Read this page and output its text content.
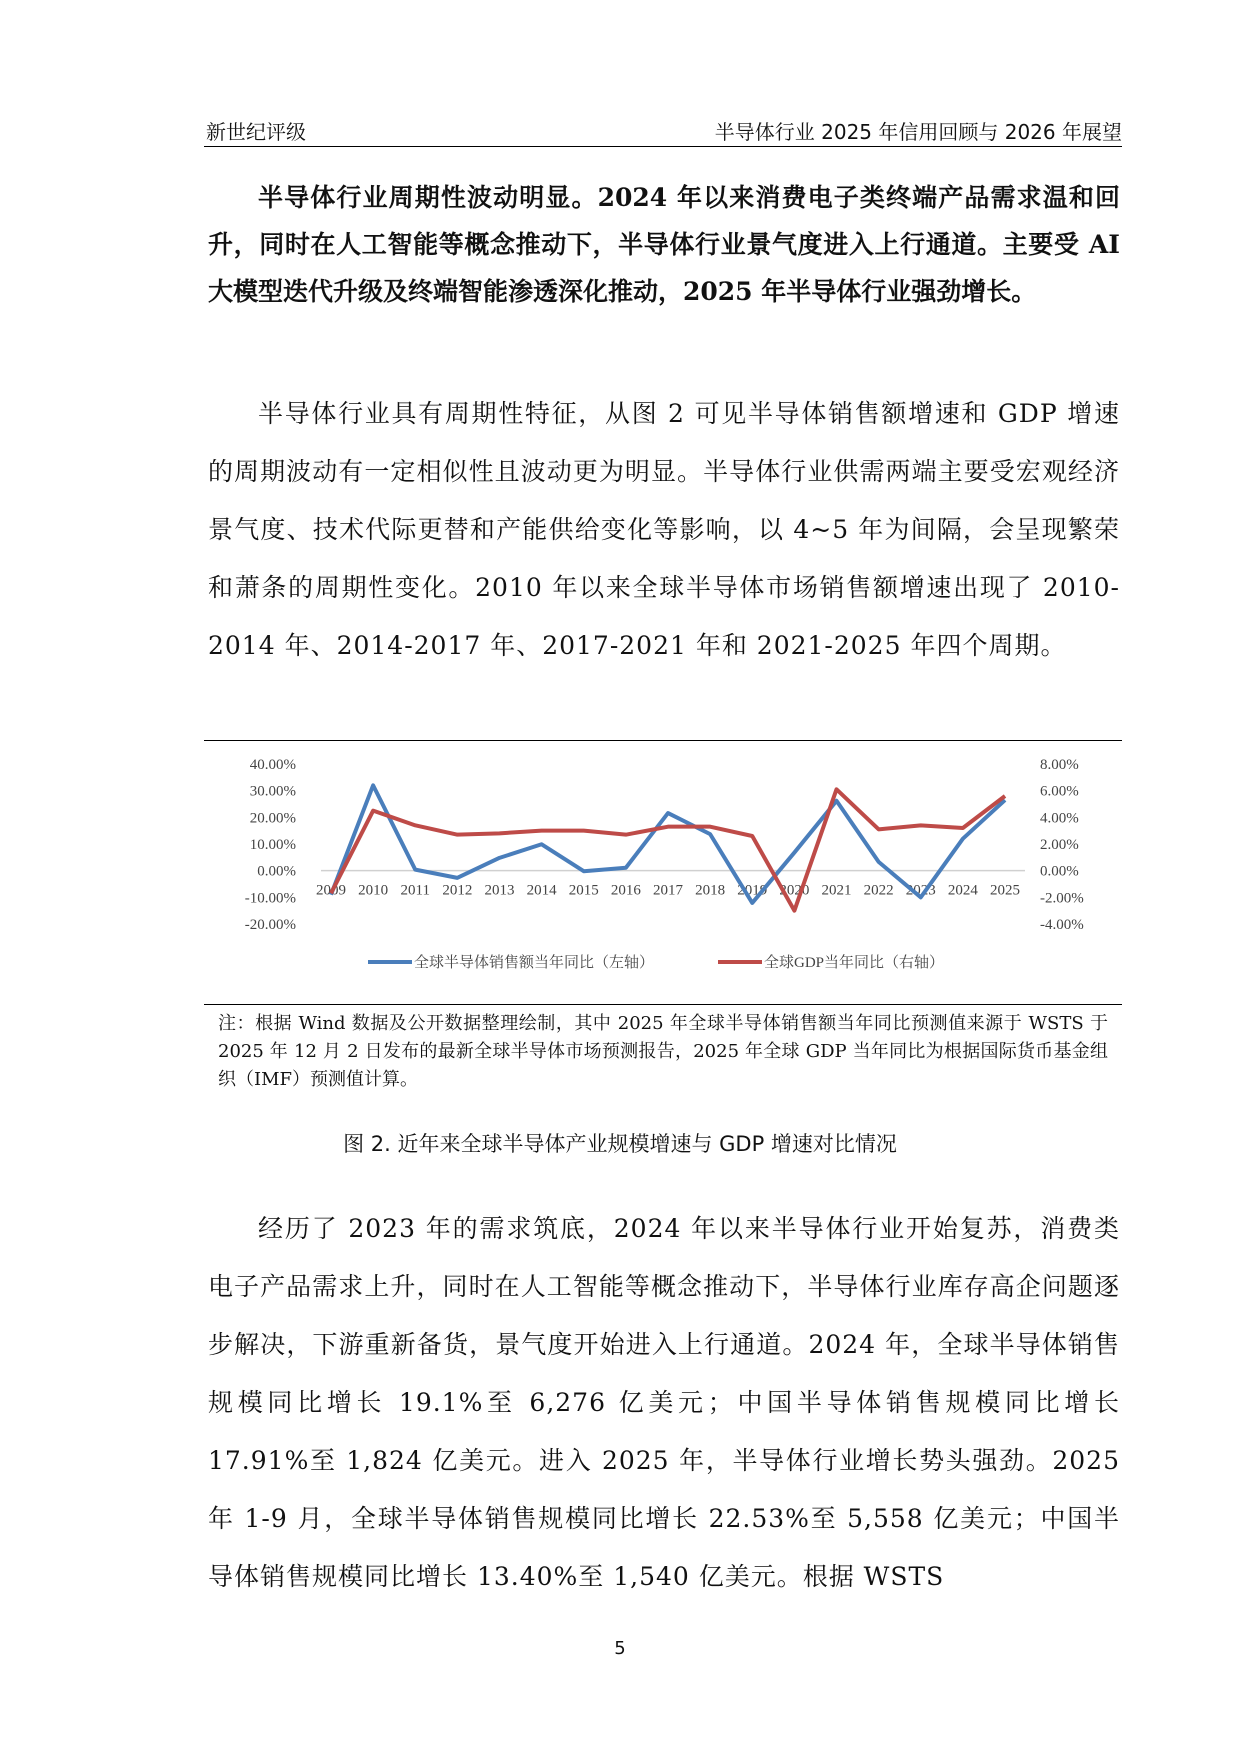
新世纪评级	半导体行业 2025 年信用回顾与 2026 年展望

半导体行业周期性波动明显。2024 年以来消费电子类终端产品需求温和回升，同时在人工智能等概念推动下，半导体行业景气度进入上行通道。主要受 AI 大模型迭代升级及终端智能渗透深化推动，2025 年半导体行业强劲增长。

半导体行业具有周期性特征，从图 2 可见半导体销售额增速和 GDP 增速的周期波动有一定相似性且波动更为明显。半导体行业供需两端主要受宏观经济景气度、技术代际更替和产能供给变化等影响，以 4~5 年为间隔，会呈现繁荣和萧条的周期性变化。2010 年以来全球半导体市场销售额增速出现了 2010-2014 年、2014-2017 年、2017-2021 年和 2021-2025 年四个周期。

40.00%
30.00%
20.00%
10.00%
0.00%
-10.00%
-20.00%
8.00%
6.00%
4.00%
2.00%
0.00%
-2.00%
-4.00%
2009 2010 2011 2012 2013 2014 2015 2016 2017 2018 2019 2020 2021 2022 2023 2024 2025
全球半导体销售额当年同比（左轴）	全球GDP当年同比（右轴）
注：根据 Wind 数据及公开数据整理绘制，其中 2025 年全球半导体销售额当年同比预测值来源于 WSTS 于 2025 年 12 月 2 日发布的最新全球半导体市场预测报告，2025 年全球 GDP 当年同比为根据国际货币基金组织（IMF）预测值计算。
图 2. 近年来全球半导体产业规模增速与 GDP 增速对比情况

经历了 2023 年的需求筑底，2024 年以来半导体行业开始复苏，消费类电子产品需求上升，同时在人工智能等概念推动下，半导体行业库存高企问题逐步解决，下游重新备货，景气度开始进入上行通道。2024 年，全球半导体销售规模同比增长 19.1%至 6,276 亿美元；中国半导体销售规模同比增长 17.91%至 1,824 亿美元。进入 2025 年，半导体行业增长势头强劲。2025 年 1-9 月，全球半导体销售规模同比增长 22.53%至 5,558 亿美元；中国半导体销售规模同比增长 13.40%至 1,540 亿美元。根据 WSTS

5
